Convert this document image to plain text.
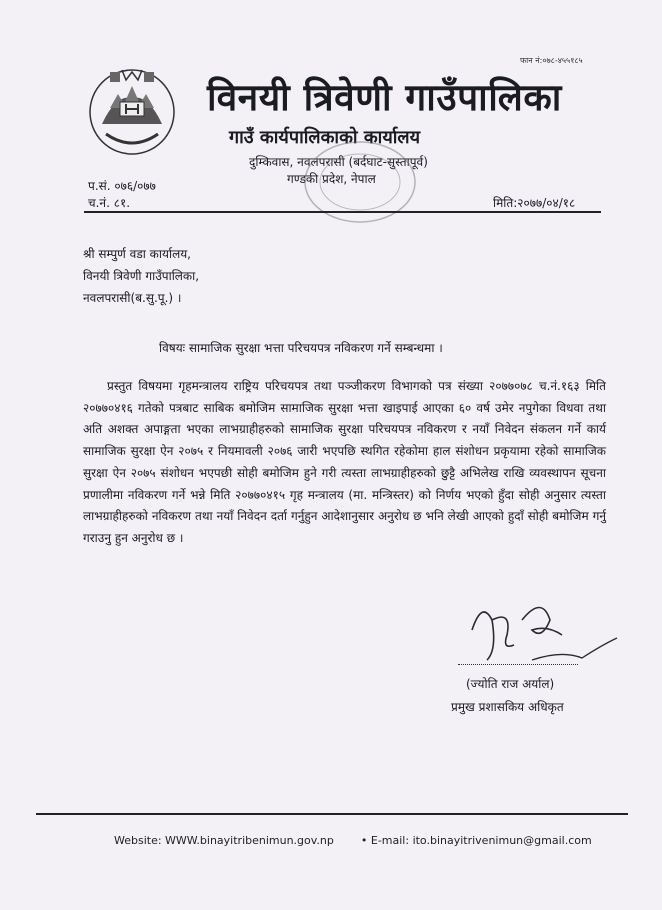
फान नं:०७८-४५५१८५
विनयी त्रिवेणी गाउँपालिका
गाउँ कार्यपालिकाको कार्यालय
दुम्किवास, नवलपरासी (बर्दघाट-सुस्तापूर्व)
गण्डकी प्रदेश, नेपाल
प.सं. ०७६/०७७
च.नं. ८१.	मिति:२०७७/०४/१८
श्री सम्पुर्ण वडा कार्यालय,
विनयी त्रिवेणी गाउँपालिका,
नवलपरासी(ब.सु.पू.) ।
विषयः सामाजिक सुरक्षा भत्ता परिचयपत्र नविकरण गर्ने सम्बन्धमा ।
प्रस्तुत विषयमा गृहमन्त्रालय राष्ट्रिय परिचयपत्र तथा पञ्जीकरण विभागको पत्र संख्या २०७७०७८ च.नं.१६३ मिति २०७७०४१६ गतेको पत्रबाट साबिक बमोजिम सामाजिक सुरक्षा भत्ता खाइपाई आएका ६० वर्ष उमेर नपुगेका विधवा तथा अति अशक्त अपाङ्गता भएका लाभग्राहीहरुको सामाजिक सुरक्षा परिचयपत्र नविकरण र नयाँ निवेदन संकलन गर्ने कार्य सामाजिक सुरक्षा ऐन २०७५ र नियमावली २०७६ जारी भएपछि स्थगित रहेकोमा हाल संशोधन प्रकृयामा रहेको सामाजिक सुरक्षा ऐन २०७५ संशोधन भएपछी सोही बमोजिम हुने गरी त्यस्ता लाभग्राहीहरुको छुट्टै अभिलेख राखि व्यवस्थापन सूचना प्रणालीमा नविकरण गर्ने भन्ने मिति २०७७०४१५ गृह मन्त्रालय (मा. मन्त्रिस्तर) को निर्णय भएको हुँदा सोही अनुसार त्यस्ता लाभग्राहीहरुको नविकरण तथा नयाँ निवेदन दर्ता गर्नुहुन आदेशानुसार अनुरोध छ भनि लेखी आएको हुदाँ सोही बमोजिम गर्नु गराउनु हुन अनुरोध छ ।
(ज्योति राज अर्याल)
प्रमुख प्रशासकिय अधिकृत
Website: WWW.binayitribenimun.gov.np • E-mail: ito.binayitrivenimun@gmail.com
